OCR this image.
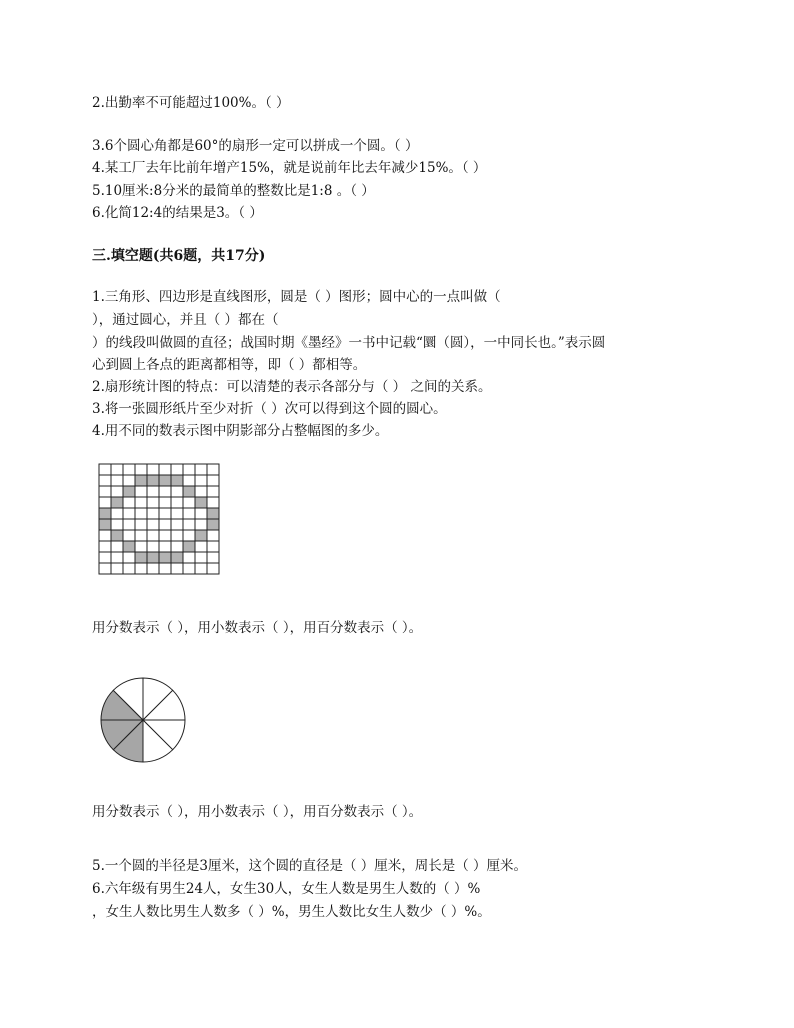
2.出勤率不可能超过100%。（ ）
3.6个圆心角都是60°的扇形一定可以拼成一个圆。（ ）
4.某工厂去年比前年增产15%，就是说前年比去年减少15%。（ ）
5.10厘米:8分米的最简单的整数比是1:8 。（ ）
6.化简12:4的结果是3。（ ）
三.填空题(共6题，共17分)
1.三角形、四边形是直线图形，圆是（ ）图形；圆中心的一点叫做（
），通过圆心，并且（ ）都在（
）的线段叫做圆的直径；战国时期《墨经》一书中记载“圜（圆），一中同长也。”表示圆
心到圆上各点的距离都相等，即（ ）都相等。
2.扇形统计图的特点：可以清楚的表示各部分与（ ） 之间的关系。
3.将一张圆形纸片至少对折（ ）次可以得到这个圆的圆心。
4.用不同的数表示图中阴影部分占整幅图的多少。
用分数表示（ ），用小数表示（ ），用百分数表示（ ）。
用分数表示（ ），用小数表示（ ），用百分数表示（ ）。
5.一个圆的半径是3厘米，这个圆的直径是（ ）厘米，周长是（ ）厘米。
6.六年级有男生24人，女生30人，女生人数是男生人数的（ ）%
，女生人数比男生人数多（ ）%，男生人数比女生人数少（ ）%。
